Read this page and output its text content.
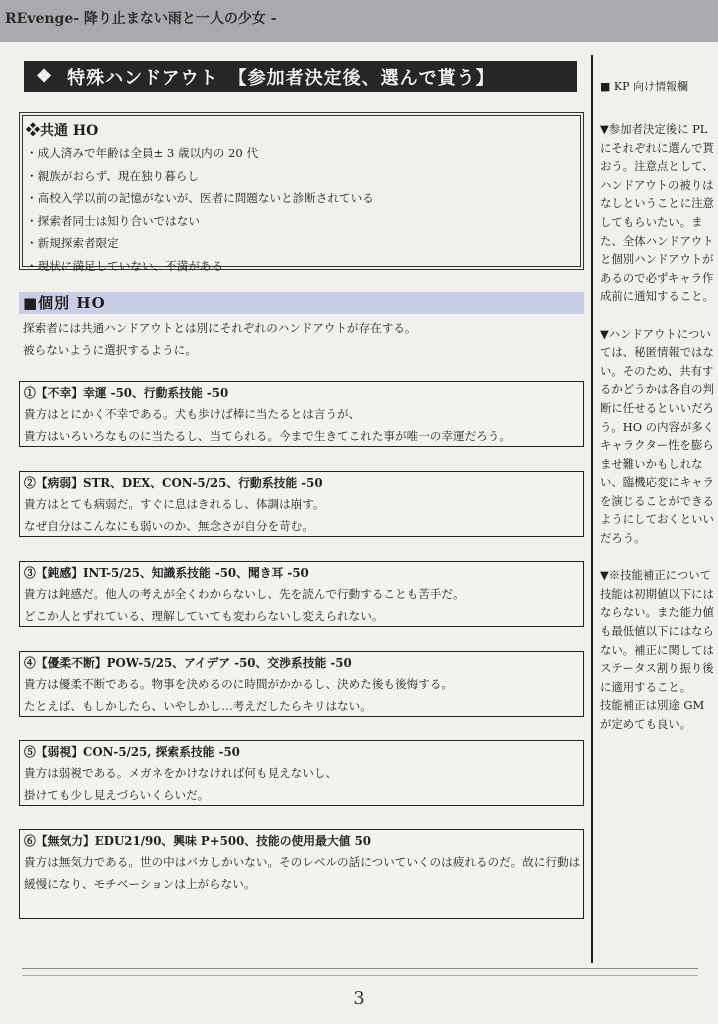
REvenge- 降り止まない雨と一人の少女 -
❖ 特殊ハンドアウト　【参加者決定後、選んで貰う】
❖共通 HO
・成人済みで年齢は全員± 3 歳以内の 20 代
・親族がおらず、現在独り暮らし
・高校入学以前の記憶がないが、医者に問題ないと診断されている
・探索者同士は知り合いではない
・新規探索者限定
・現状に満足していない、不満がある
■個別 HO

探索者には共通ハンドアウトとは別にそれぞれのハンドアウトが存在する。

被らないように選択するように。

①【不幸】幸運 -50、行動系技能 -50
貴方はとにかく不幸である。犬も歩けば棒に当たるとは言うが、
貴方はいろいろなものに当たるし、当てられる。今まで生きてこれた事が唯一の幸運だろう。
②【病弱】STR、DEX、CON-5/25、行動系技能 -50
貴方はとても病弱だ。すぐに息はきれるし、体調は崩す。
なぜ自分はこんなにも弱いのか、無念さが自分を苛む。
③【鈍感】INT-5/25、知識系技能 -50、聞き耳 -50
貴方は鈍感だ。他人の考えが全くわからないし、先を読んで行動することも苦手だ。
どこか人とずれている、理解していても変わらないし変えられない。
④【優柔不断】POW-5/25、アイデア -50、交渉系技能 -50
貴方は優柔不断である。物事を決めるのに時間がかかるし、決めた後も後悔する。
たとえば、もしかしたら、いやしかし…考えだしたらキリはない。
⑤【弱視】CON-5/25, 探索系技能 -50
貴方は弱視である。メガネをかけなければ何も見えないし、
掛けても少し見えづらいくらいだ。
⑥【無気力】EDU21/90、興味 P+500、技能の使用最大値 50
貴方は無気力である。世の中はバカしかいない。そのレベルの話についていくのは疲れるのだ。故に行動は緩慢になり、モチベーションは上がらない。
■ KP 向け情報欄
▼参加者決定後に PL にそれぞれに選んで貰おう。注意点として、ハンドアウトの被りはなしということに注意してもらいたい。また、全体ハンドアウトと個別ハンドアウトがあるので必ずキャラ作成前に通知すること。
▼ハンドアウトについては、秘匿情報ではない。そのため、共有するかどうかは各自の判断に任せるといいだろう。HO の内容が多くキャラクター性を膨らませ難いかもしれない、臨機応変にキャラを演じることができるようにしておくといいだろう。
▼※技能補正について技能は初期値以下にはならない。また能力値も最低値以下にはならない。補正に関してはステータス割り振り後に適用すること。
技能補正は別途 GM が定めても良い。
3
